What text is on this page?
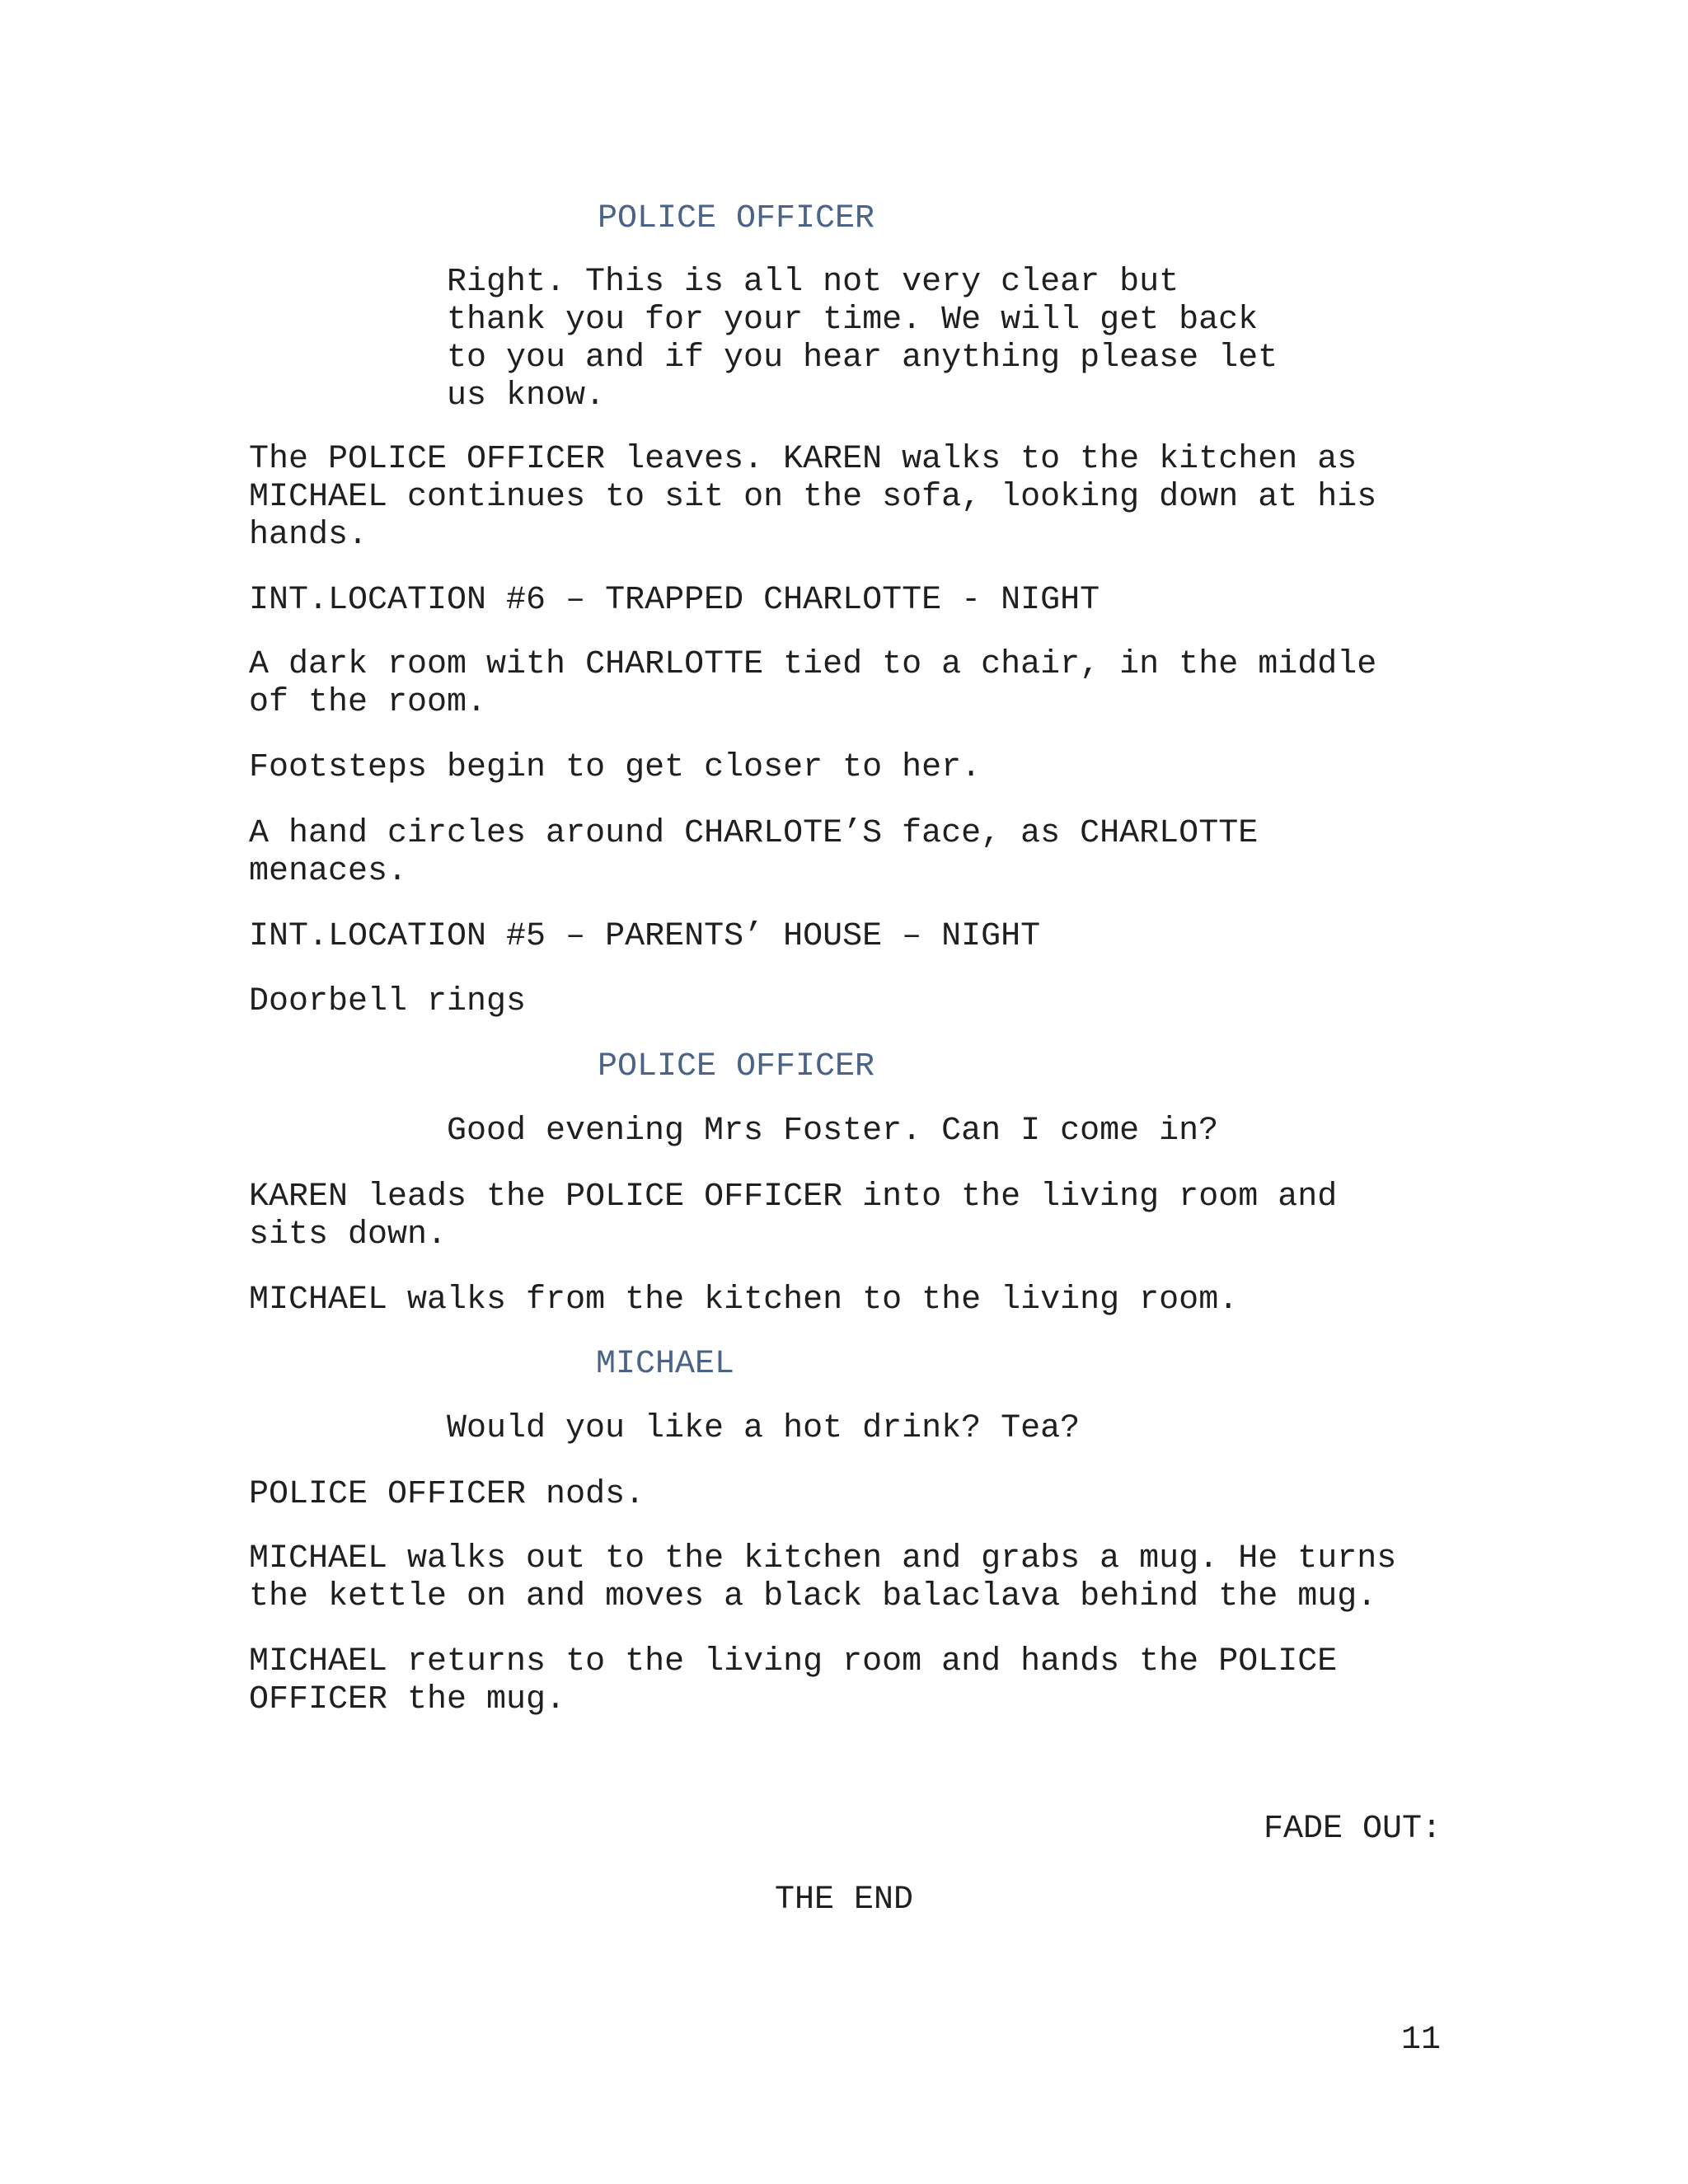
POLICE OFFICER
Right. This is all not very clear but
thank you for your time. We will get back
to you and if you hear anything please let
us know.
The POLICE OFFICER leaves. KAREN walks to the kitchen as
MICHAEL continues to sit on the sofa, looking down at his
hands.
INT.LOCATION #6 – TRAPPED CHARLOTTE - NIGHT
A dark room with CHARLOTTE tied to a chair, in the middle
of the room.
Footsteps begin to get closer to her.
A hand circles around CHARLOTE’S face, as CHARLOTTE
menaces.
INT.LOCATION #5 – PARENTS’ HOUSE – NIGHT
Doorbell rings
POLICE OFFICER
Good evening Mrs Foster. Can I come in?
KAREN leads the POLICE OFFICER into the living room and
sits down.
MICHAEL walks from the kitchen to the living room.
MICHAEL
Would you like a hot drink? Tea?
POLICE OFFICER nods.
MICHAEL walks out to the kitchen and grabs a mug. He turns
the kettle on and moves a black balaclava behind the mug.
MICHAEL returns to the living room and hands the POLICE
OFFICER the mug.
FADE OUT:
THE END
11
